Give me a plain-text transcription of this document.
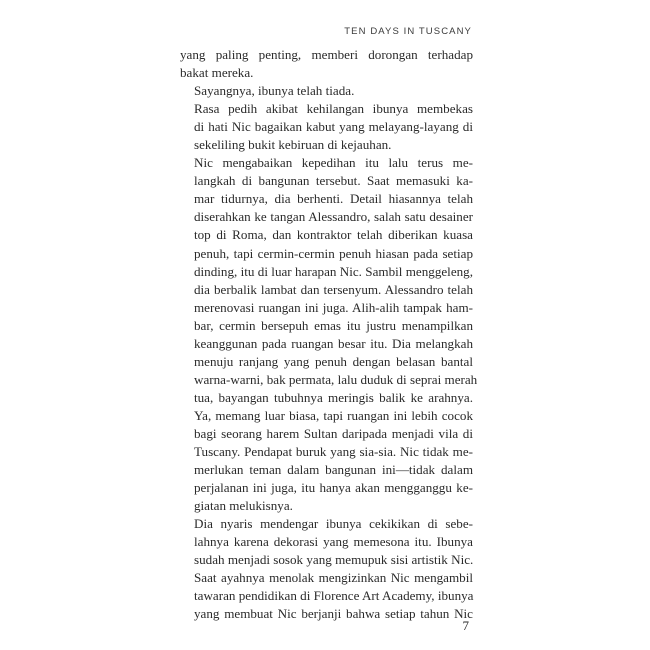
TEN DAYS IN TUSCANY

yang paling penting, memberi dorongan terhadap
bakat mereka.

Sayangnya, ibunya telah tiada.

Rasa pedih akibat kehilangan ibunya membekas
di hati Nic bagaikan kabut yang melayang-layang di
sekeliling bukit kebiruan di kejauhan.

Nic mengabaikan kepedihan itu lalu terus me-
langkah di bangunan tersebut. Saat memasuki ka-
mar tidurnya, dia berhenti. Detail hiasannya telah
diserahkan ke tangan Alessandro, salah satu desainer
top di Roma, dan kontraktor telah diberikan kuasa
penuh, tapi cermin-cermin penuh hiasan pada setiap
dinding, itu di luar harapan Nic. Sambil menggeleng,
dia berbalik lambat dan tersenyum. Alessandro telah
merenovasi ruangan ini juga. Alih-alih tampak ham-
bar, cermin bersepuh emas itu justru menampilkan
keanggunan pada ruangan besar itu. Dia melangkah
menuju ranjang yang penuh dengan belasan bantal
warna-warni, bak permata, lalu duduk di seprai merah
tua, bayangan tubuhnya meringis balik ke arahnya.
Ya, memang luar biasa, tapi ruangan ini lebih cocok
bagi seorang harem Sultan daripada menjadi vila di
Tuscany. Pendapat buruk yang sia-sia. Nic tidak me-
merlukan teman dalam bangunan ini—tidak dalam
perjalanan ini juga, itu hanya akan mengganggu ke-
giatan melukisnya.

Dia nyaris mendengar ibunya cekikikan di sebe-
lahnya karena dekorasi yang memesona itu. Ibunya
sudah menjadi sosok yang memupuk sisi artistik Nic.
Saat ayahnya menolak mengizinkan Nic mengambil
tawaran pendidikan di Florence Art Academy, ibunya
yang membuat Nic berjanji bahwa setiap tahun Nic

7
